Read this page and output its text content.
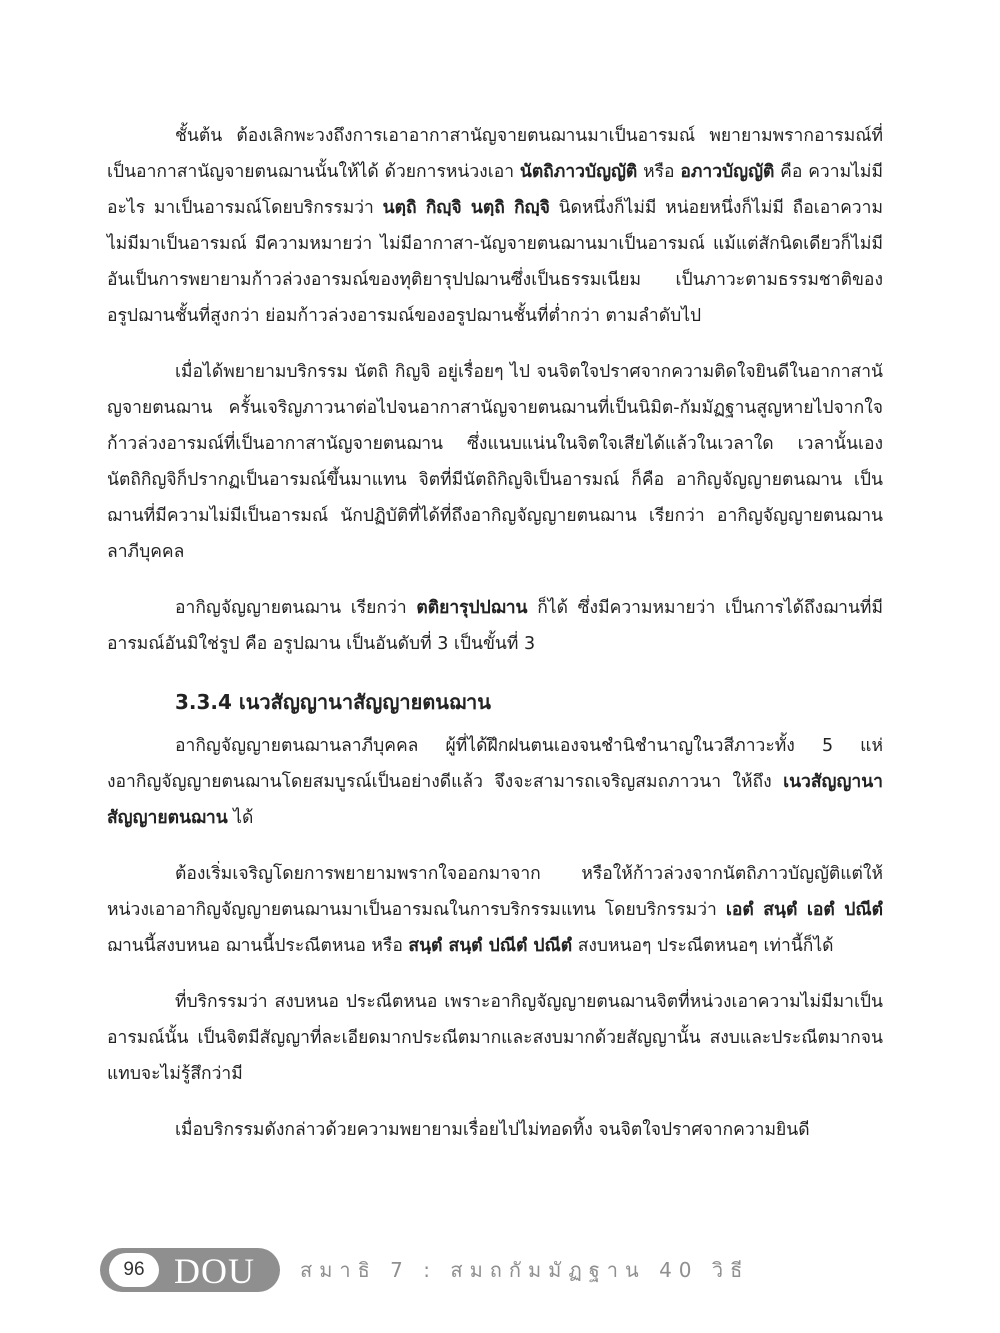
ชั้นต้น ต้องเลิกพะวงถึงการเอาอากาสานัญจายตนฌานมาเป็นอารมณ์ พยายามพรากอารมณ์ที่เป็นอากาสานัญจายตนฌานนั้นให้ได้ ด้วยการหน่วงเอา นัตถิภาวบัญญัติ หรือ อภาวบัญญัติ คือ ความไม่มีอะไร มาเป็นอารมณ์โดยบริกรรมว่า นตฺถิ กิญฺจิ นตฺถิ กิญฺจิ นิดหนึ่งก็ไม่มี หน่อยหนึ่งก็ไม่มี ถือเอาความไม่มีมาเป็นอารมณ์ มีความหมายว่า ไม่มีอากาสา-นัญจายตนฌานมาเป็นอารมณ์ แม้แต่สักนิดเดียวก็ไม่มี อันเป็นการพยายามก้าวล่วงอารมณ์ของทุติยารุปปฌานซึ่งเป็นธรรมเนียม เป็นภาวะตามธรรมชาติของอรูปฌานชั้นที่สูงกว่า ย่อมก้าวล่วงอารมณ์ของอรูปฌานชั้นที่ต่ำกว่า ตามลำดับไป

เมื่อได้พยายามบริกรรม นัตถิ กิญจิ อยู่เรื่อยๆ ไป จนจิตใจปราศจากความติดใจยินดีในอากาสานัญจายตนฌาน ครั้นเจริญภาวนาต่อไปจนอากาสานัญจายตนฌานที่เป็นนิมิต-กัมมัฏฐานสูญหายไปจากใจ ก้าวล่วงอารมณ์ที่เป็นอากาสานัญจายตนฌาน ซึ่งแนบแน่นในจิตใจเสียได้แล้วในเวลาใด เวลานั้นเองนัตถิกิญจิก็ปรากฏเป็นอารมณ์ขึ้นมาแทน จิตที่มีนัตถิกิญจิเป็นอารมณ์ ก็คือ อากิญจัญญายตนฌาน เป็นฌานที่มีความไม่มีเป็นอารมณ์ นักปฏิบัติที่ได้ที่ถึงอากิญจัญญายตนฌาน เรียกว่า อากิญจัญญายตนฌานลาภีบุคคล

อากิญจัญญายตนฌาน เรียกว่า ตติยารุปปฌาน ก็ได้ ซึ่งมีความหมายว่า เป็นการได้ถึงฌานที่มีอารมณ์อันมิใช่รูป คือ อรูปฌาน เป็นอันดับที่ 3 เป็นขั้นที่ 3

3.3.4 เนวสัญญานาสัญญายตนฌาน

อากิญจัญญายตนฌานลาภีบุคคล ผู้ที่ได้ฝึกฝนตนเองจนชำนิชำนาญในวสีภาวะทั้ง 5 แห่งอากิญจัญญายตนฌานโดยสมบูรณ์เป็นอย่างดีแล้ว จึงจะสามารถเจริญสมถภาวนา ให้ถึง เนวสัญญานาสัญญายตนฌาน ได้

ต้องเริ่มเจริญโดยการพยายามพรากใจออกมาจาก หรือให้ก้าวล่วงจากนัตถิภาวบัญญัติแต่ให้หน่วงเอาอากิญจัญญายตนฌานมาเป็นอารมณในการบริกรรมแทน โดยบริกรรมว่า เอตํ สนฺตํ เอตํ ปณีตํ ฌานนี้สงบหนอ ฌานนี้ประณีตหนอ หรือ สนฺตํ สนฺตํ ปณีตํ ปณีตํ สงบหนอๆ ประณีตหนอๆ เท่านี้ก็ได้

ที่บริกรรมว่า สงบหนอ ประณีตหนอ เพราะอากิญจัญญายตนฌานจิตที่หน่วงเอาความไม่มีมาเป็นอารมณ์นั้น เป็นจิตมีสัญญาที่ละเอียดมากประณีตมากและสงบมากด้วยสัญญานั้น สงบและประณีตมากจนแทบจะไม่รู้สึกว่ามี

เมื่อบริกรรมดังกล่าวด้วยความพยายามเรื่อยไปไม่ทอดทิ้ง จนจิตใจปราศจากความยินดี

96 DOU สมาธิ 7 : สมถกัมมัฏฐาน 40 วิธี
